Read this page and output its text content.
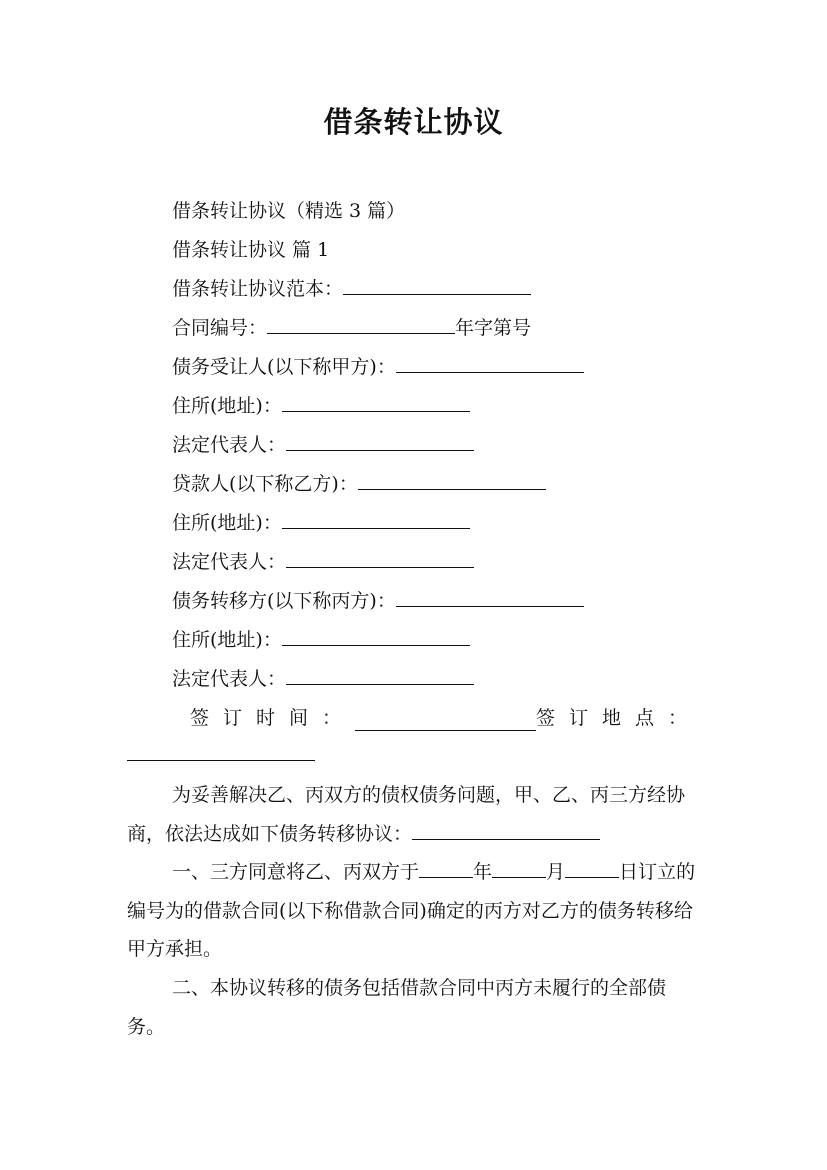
借条转让协议
借条转让协议（精选 3 篇）
借条转让协议 篇 1
借条转让协议范本：
合同编号：	年字第号
债务受让人(以下称甲方)：
住所(地址)：
法定代表人：
贷款人(以下称乙方)：
住所(地址)：
法定代表人：
债务转移方(以下称丙方)：
住所(地址)：
法定代表人：
签订时间：	签订地点：
为妥善解决乙、丙双方的债权债务问题，甲、乙、丙三方经协商，依法达成如下债务转移协议：
一、三方同意将乙、丙双方于	年	月	日订立的编号为的借款合同(以下称借款合同)确定的丙方对乙方的债务转移给甲方承担。
二、本协议转移的债务包括借款合同中丙方未履行的全部债务。
